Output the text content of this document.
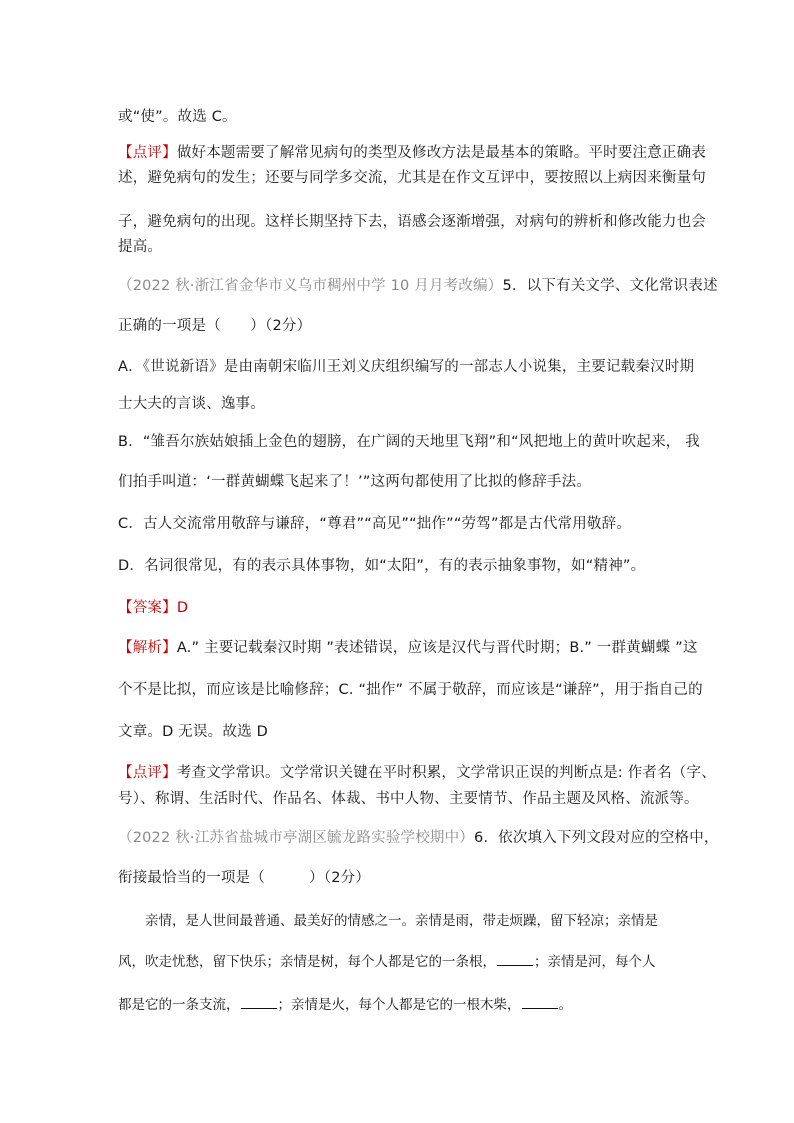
或“使”。故选 C。
【点评】做好本题需要了解常见病句的类型及修改方法是最基本的策略。平时要注意正确表
述，避免病句的发生；还要与同学多交流，尤其是在作文互评中，要按照以上病因来衡量句
子，避免病句的出现。这样长期坚持下去，语感会逐渐增强，对病句的辨析和修改能力也会
提高。
（2022 秋·浙江省金华市义乌市稠州中学 10 月月考改编）5．以下有关文学、文化常识表述
正确的一项是（　　）（2分）
A．《世说新语》是由南朝宋临川王刘义庆组织编写的一部志人小说集，主要记载秦汉时期
士大夫的言谈、逸事。
B．“雏吾尔族姑娘插上金色的翅膀，在广阔的天地里飞翔”和“风把地上的黄叶吹起来， 我
们拍手叫道：‘一群黄蝴蝶飞起来了！’”这两句都使用了比拟的修辞手法。
C．古人交流常用敬辞与谦辞，“尊君”“高见”“拙作”“劳驾”都是古代常用敬辞。
D．名词很常见，有的表示具体事物，如“太阳”，有的表示抽象事物，如“精神”。
【答案】D
【解析】A.” 主要记载秦汉时期 ”表述错误，应该是汉代与晋代时期；B.” 一群黄蝴蝶 ”这
个不是比拟，而应该是比喻修辞；C. “拙作” 不属于敬辞，而应该是“谦辞”，用于指自己的
文章。D 无误。故选 D
【点评】考查文学常识。文学常识关键在平时积累，文学常识正误的判断点是: 作者名（字、
号）、称谓、生活时代、作品名、体裁、书中人物、主要情节、作品主题及风格、流派等。
（2022 秋·江苏省盐城市亭湖区毓龙路实验学校期中）6．依次填入下列文段对应的空格中，
衔接最恰当的一项是（　　　）（2分）
　　亲情，是人世间最普通、最美好的情感之一。亲情是雨，带走烦躁，留下轻凉；亲情是
风，吹走忧愁，留下快乐；亲情是树，每个人都是它的一条根，	；亲情是河，每个人
都是它的一条支流，	；亲情是火，每个人都是它的一根木柴，	。
